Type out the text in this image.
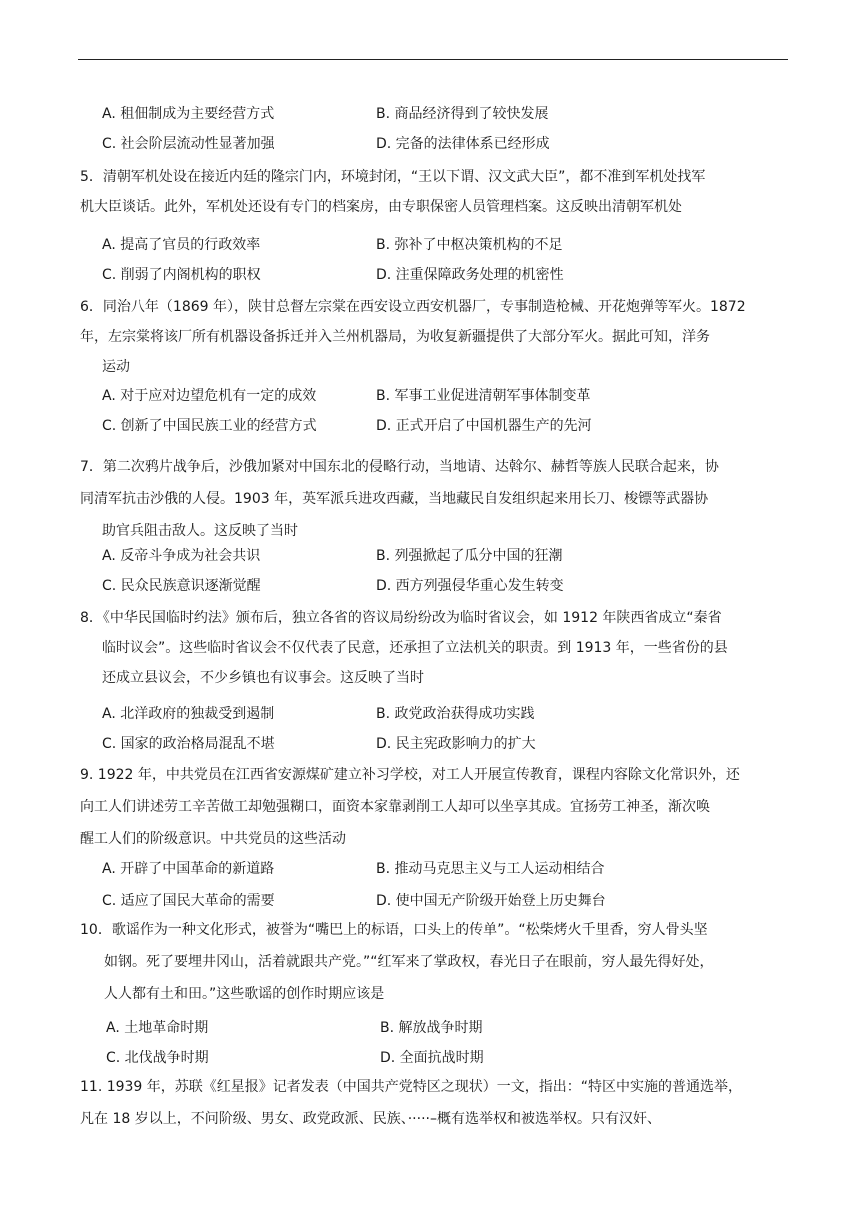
A. 租佃制成为主要经营方式	B. 商品经济得到了较快发展
C. 社会阶层流动性显著加强	D. 完备的法律体系已经形成
5．清朝军机处设在接近内廷的隆宗门内，环境封闭，“王以下谓、汉文武大臣”，都不准到军机处找军
机大臣谈话。此外，军机处还设有专门的档案房，由专职保密人员管理档案。这反映出清朝军机处
A. 提高了官员的行政效率	B. 弥补了中枢决策机构的不足
C. 削弱了内阁机构的职权	D. 注重保障政务处理的机密性
6．同治八年（1869 年），陕甘总督左宗棠在西安设立西安机器厂，专事制造枪械、开花炮弹等军火。1872
年，左宗棠将该厂所有机器设备拆迁并入兰州机器局，为收复新疆提供了大部分军火。据此可知，洋务
运动
A. 对于应对边望危机有一定的成效	B. 军事工业促进清朝军事体制变革
C. 创新了中国民族工业的经营方式	D. 正式开启了中国机器生产的先河
7．第二次鸦片战争后，沙俄加紧对中国东北的侵略行动，当地请、达斡尔、赫哲等族人民联合起来，协
同清军抗击沙俄的人侵。1903 年，英军派兵进攻西藏，当地藏民自发组织起来用长刀、梭镖等武器协
助官兵阻击敌人。这反映了当时
A. 反帝斗争成为社会共识	B. 列强掀起了瓜分中国的狂潮
C. 民众民族意识逐渐觉醒	D. 西方列强侵华重心发生转变
8．《中华民国临时约法》颁布后，独立各省的咨议局纷纷改为临时省议会，如 1912 年陕西省成立“秦省
临时议会”。这些临时省议会不仅代表了民意，还承担了立法机关的职责。到 1913 年，一些省份的县
还成立县议会，不少乡镇也有议事会。这反映了当时
A. 北洋政府的独裁受到遏制	B. 政党政治获得成功实践
C. 国家的政治格局混乱不堪	D. 民主宪政影响力的扩大
9. 1922 年，中共党员在江西省安源煤矿建立补习学校，对工人开展宣传教育，课程内容除文化常识外，还
向工人们讲述劳工辛苦做工却勉强糊口，面资本家靠剥削工人却可以坐享其成。宜扬劳工神圣，渐次唤
醒工人们的阶级意识。中共党员的这些活动
A. 开辟了中国革命的新道路	B. 推动马克思主义与工人运动相结合
C. 适应了国民大革命的需要	D. 使中国无产阶级开始登上历史舞台
10．歌谣作为一种文化形式，被誉为“嘴巴上的标语，口头上的传单”。“松柴烤火千里香，穷人骨头坚
如钢。死了要埋井冈山，活着就跟共产党。”“红军来了掌政权，春光日子在眼前，穷人最先得好处，
人人都有土和田。”这些歌谣的创作时期应该是
A. 土地革命时期	B. 解放战争时期
C. 北伐战争时期	D. 全面抗战时期
11. 1939 年，苏联《红星报》记者发表（中国共产党特区之现状）一文，指出：“特区中实施的普通选举，
凡在 18 岁以上，不问阶级、男女、政党政派、民族、·····–概有选举权和被选举权。只有汉奸、
